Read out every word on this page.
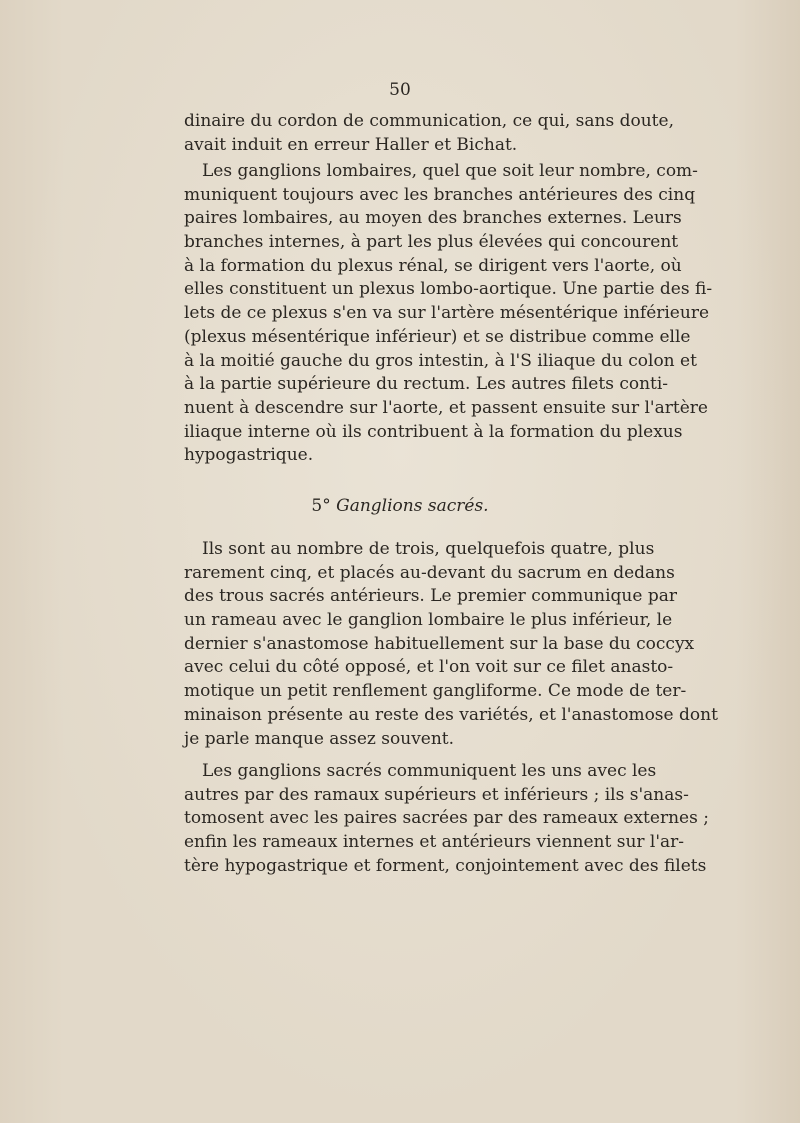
50
dinaire du cordon de communication, ce qui, sans doute,
avait induit en erreur Haller et Bichat.
Les ganglions lombaires, quel que soit leur nombre, com-
muniquent toujours avec les branches antérieures des cinq
paires lombaires, au moyen des branches externes. Leurs
branches internes, à part les plus élevées qui concourent
à la formation du plexus rénal, se dirigent vers l'aorte, où
elles constituent un plexus lombo-aortique. Une partie des fi-
lets de ce plexus s'en va sur l'artère mésentérique inférieure
(plexus mésentérique inférieur) et se distribue comme elle
à la moitié gauche du gros intestin, à l'S iliaque du colon et
à la partie supérieure du rectum. Les autres filets conti-
nuent à descendre sur l'aorte, et passent ensuite sur l'artère
iliaque interne où ils contribuent à la formation du plexus
hypogastrique.
5° Ganglions sacrés.
Ils sont au nombre de trois, quelquefois quatre, plus
rarement cinq, et placés au-devant du sacrum en dedans
des trous sacrés antérieurs. Le premier communique par
un rameau avec le ganglion lombaire le plus inférieur, le
dernier s'anastomose habituellement sur la base du coccyx
avec celui du côté opposé, et l'on voit sur ce filet anasto-
motique un petit renflement gangliforme. Ce mode de ter-
minaison présente au reste des variétés, et l'anastomose dont
je parle manque assez souvent.
Les ganglions sacrés communiquent les uns avec les
autres par des ramaux supérieurs et inférieurs ; ils s'anas-
tomosent avec les paires sacrées par des rameaux externes ;
enfin les rameaux internes et antérieurs viennent sur l'ar-
tère hypogastrique et forment, conjointement avec des filets
